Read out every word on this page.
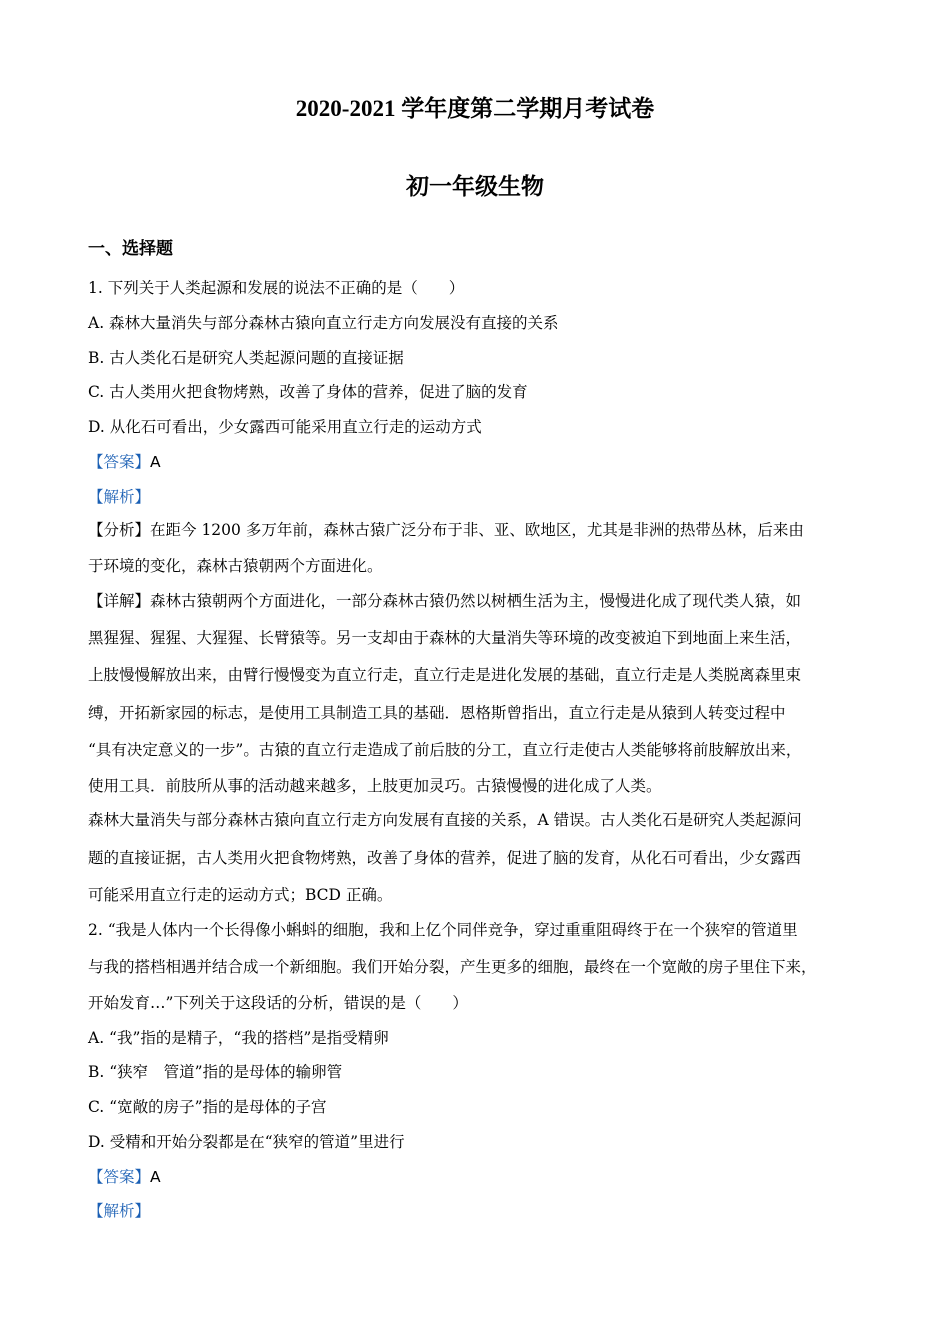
2020-2021 学年度第二学期月考试卷
初一年级生物
一、选择题
1. 下列关于人类起源和发展的说法不正确的是（　　）
A. 森林大量消失与部分森林古猿向直立行走方向发展没有直接的关系
B. 古人类化石是研究人类起源问题的直接证据
C. 古人类用火把食物烤熟，改善了身体的营养，促进了脑的发育
D. 从化石可看出，少女露西可能采用直立行走的运动方式
【答案】A
【解析】
【分析】在距今 1200 多万年前，森林古猿广泛分布于非、亚、欧地区，尤其是非洲的热带丛林，后来由
于环境的变化，森林古猿朝两个方面进化。
【详解】森林古猿朝两个方面进化，一部分森林古猿仍然以树栖生活为主，慢慢进化成了现代类人猿，如
黑猩猩、猩猩、大猩猩、长臂猿等。另一支却由于森林的大量消失等环境的改变被迫下到地面上来生活，
上肢慢慢解放出来，由臂行慢慢变为直立行走，直立行走是进化发展的基础，直立行走是人类脱离森里束
缚，开拓新家园的标志，是使用工具制造工具的基础．恩格斯曾指出，直立行走是从猿到人转变过程中
“具有决定意义的一步”。古猿的直立行走造成了前后肢的分工，直立行走使古人类能够将前肢解放出来，
使用工具．前肢所从事的活动越来越多，上肢更加灵巧。古猿慢慢的进化成了人类。
森林大量消失与部分森林古猿向直立行走方向发展有直接的关系，A 错误。古人类化石是研究人类起源问
题的直接证据，古人类用火把食物烤熟，改善了身体的营养，促进了脑的发育，从化石可看出，少女露西
可能采用直立行走的运动方式；BCD 正确。
2. “我是人体内一个长得像小蝌蚪的细胞，我和上亿个同伴竞争，穿过重重阻碍终于在一个狭窄的管道里
与我的搭档相遇并结合成一个新细胞。我们开始分裂，产生更多的细胞，最终在一个宽敞的房子里住下来，
开始发育…”下列关于这段话的分析，错误的是（　　）
A. “我”指的是精子，“我的搭档”是指受精卵
B. “狭窄　管道”指的是母体的输卵管
C. “宽敞的房子”指的是母体的子宫
D. 受精和开始分裂都是在“狭窄的管道”里进行
【答案】A
【解析】
